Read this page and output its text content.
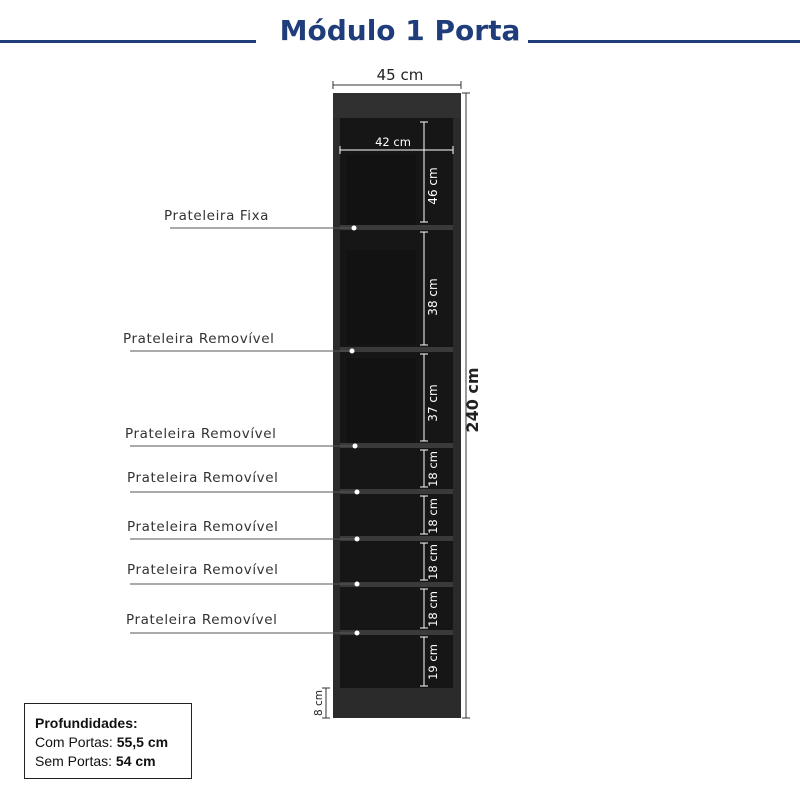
Módulo 1 Porta
45 cm
42 cm
240 cm
8 cm
46 cm
38 cm
37 cm
18 cm
18 cm
18 cm
18 cm
19 cm
Prateleira Fixa
Prateleira Removível
Prateleira Removível
Prateleira Removível
Prateleira Removível
Prateleira Removível
Prateleira Removível
Profundidades:
Com Portas: 55,5 cm
Sem Portas: 54 cm
